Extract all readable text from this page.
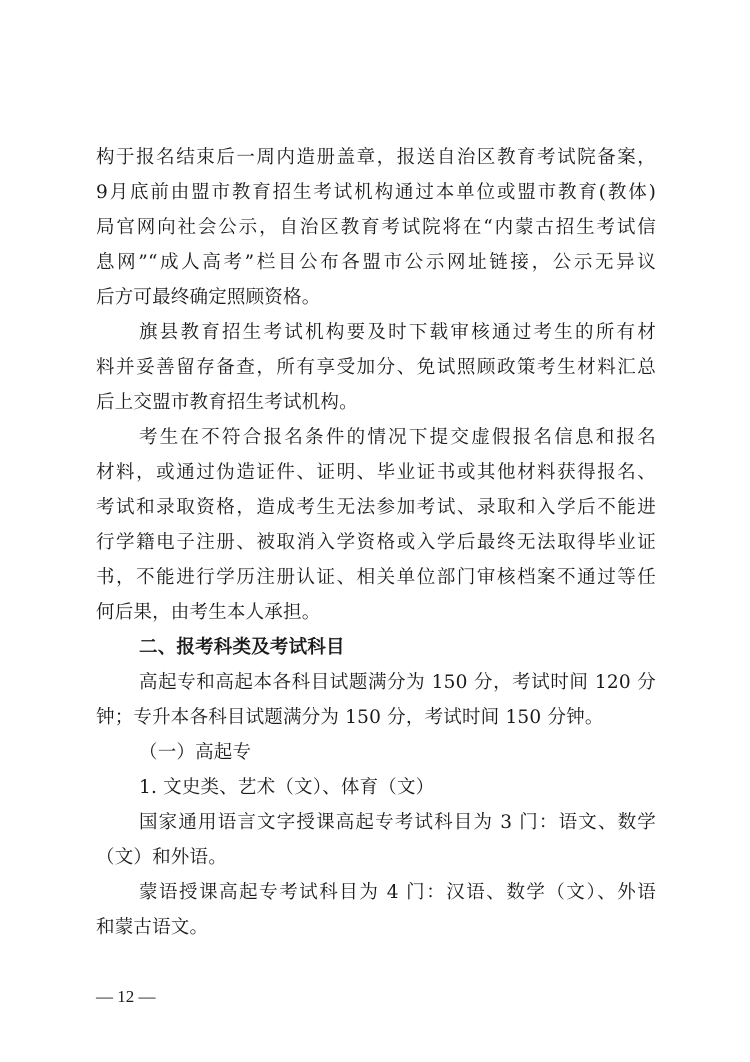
构于报名结束后一周内造册盖章，报送自治区教育考试院备案，
9月底前由盟市教育招生考试机构通过本单位或盟市教育(教体)
局官网向社会公示，自治区教育考试院将在“内蒙古招生考试信
息网”“成人高考”栏目公布各盟市公示网址链接，公示无异议
后方可最终确定照顾资格。
旗县教育招生考试机构要及时下载审核通过考生的所有材
料并妥善留存备查，所有享受加分、免试照顾政策考生材料汇总
后上交盟市教育招生考试机构。
考生在不符合报名条件的情况下提交虚假报名信息和报名
材料，或通过伪造证件、证明、毕业证书或其他材料获得报名、
考试和录取资格，造成考生无法参加考试、录取和入学后不能进
行学籍电子注册、被取消入学资格或入学后最终无法取得毕业证
书，不能进行学历注册认证、相关单位部门审核档案不通过等任
何后果，由考生本人承担。
二、报考科类及考试科目
高起专和高起本各科目试题满分为 150 分，考试时间 120 分
钟；专升本各科目试题满分为 150 分，考试时间 150 分钟。
（一）高起专
1. 文史类、艺术（文）、体育（文）
国家通用语言文字授课高起专考试科目为 3 门：语文、数学
（文）和外语。
蒙语授课高起专考试科目为 4 门：汉语、数学（文）、外语
和蒙古语文。
— 12 —
